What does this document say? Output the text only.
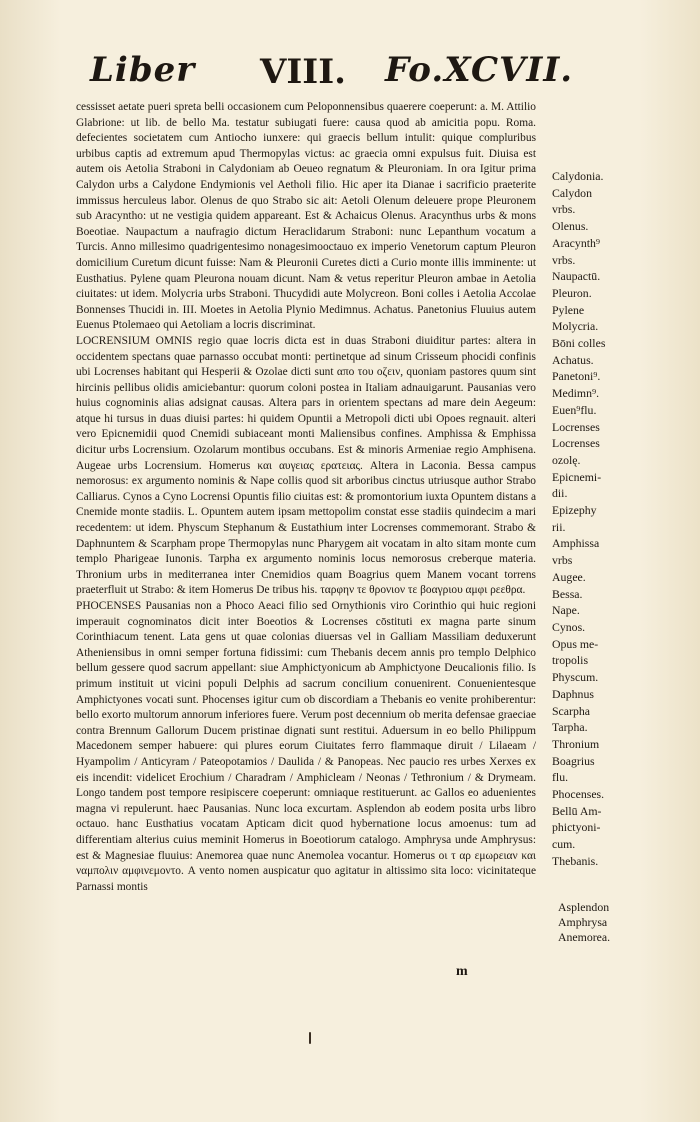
Liber VIII. Fo.XCVII.

cessisset aetate pueri spreta belli occasionem cum Peloponnensibus quaerere coeperunt: a. M. Attilio Glabrione: ut lib. de bello Ma. testatur subiugati fuere: causa quod ab amicitia popu. Roma. defecientes societatem cum Antiocho iunxere: qui graecis bellum intulit: quique compluribus urbibus captis ad extremum apud Thermopylas victus: ac graecia omni expulsus fuit. Diuisa est autem ois Aetolia Straboni in Calydoniam ab Oeueo regnatum & Pleuroniam. In ora Igitur prima Calydon urbs a Calydone Endymionis vel Aetholi filio. Hic aper ita Dianae i sacrificio praeterite immissus herculeus labor. Olenus de quo Strabo sic ait: Aetoli Olenum deleuere prope Pleuronem sub Aracyntho: ut ne vestigia quidem appareant. Est & Achaicus Olenus. Aracynthus urbs & mons Boeotiae. Naupactum a naufragio dictum Heraclidarum Straboni: nunc Lepanthum vocatum a Turcis. Anno millesimo quadrigentesimo nonagesimooctauo ex imperio Venetorum captum Pleuron domicilium Curetum dicunt fuisse: Nam & Pleuronii Curetes dicti a Curio monte illis imminente: ut Eusthatius. Pylene quam Pleurona nouam dicunt. Nam & vetus reperitur Pleuron ambae in Aetolia ciuitates: ut idem. Molycria urbs Straboni. Thucydidi aute Molycreon. Boni colles i Aetolia Accolae Bonnenses Thucidi in. III. Moetes in Aetolia Plynio Medimnus. Achatus. Panetonius Fluuius autem Euenus Ptolemaeo qui Aetoliam a locris discriminat.

LOCRENSIUM OMNIS regio quae locris dicta est in duas Straboni diuiditur partes: altera in occidentem spectans quae parnasso occubat monti: pertinetque ad sinum Crisseum phocidi confinis ubi Locrenses habitant qui Hesperii & Ozolae dicti sunt απο του οζειν, quoniam pastores quum sint hircinis pellibus olidis amiciebantur: quorum coloni postea in Italiam adnauigarunt. Pausanias vero huius cognominis alias adsignat causas. Altera pars in orientem spectans ad mare dein Aegeum: atque hi tursus in duas diuisi partes: hi quidem Opuntii a Metropoli dicti ubi Opoes regnauit. alteri vero Epicnemidii quod Cnemidi subiaceant monti Maliensibus confines. Amphissa & Emphissa dicitur urbs Locrensium. Ozolarum montibus occubans. Est & minoris Armeniae regio Amphisena. Augeae urbs Locrensium. Homerus και αυγειας ερατειας. Altera in Laconia. Bessa campus nemorosus: ex argumento nominis & Nape collis quod sit arboribus cinctus utriusque author Strabo Calliarus. Cynos a Cyno Locrensi Opuntis filio ciuitas est: & promontorium iuxta Opuntem distans a Cnemide monte stadiis. L. Opuntem autem ipsam mettopolim constat esse stadiis quindecim a mari recedentem: ut idem. Physcum Stephanum & Eustathium inter Locrenses commemorant. Strabo & Daphnuntem & Scarpham prope Thermopylas nunc Pharygem ait vocatam in alto sitam monte cum templo Pharigeae Iunonis. Tarpha ex argumento nominis locus nemorosus creberque materia. Thronium urbs in mediterranea inter Cnemidios quam Boagrius quem Manem vocant torrens praeterfluit ut Strabo: & item Homerus De tribus his. ταρφην τε θρονιον τε βοαγριου αμφι ρεεθρα.

PHOCENSES Pausanias non a Phoco Aeaci filio sed Ornythionis viro Corinthio qui huic regioni imperauit cognominatos dicit inter Boeotios & Locrenses cōstituti ex magna parte sinum Corinthiacum tenent. Lata gens ut quae colonias diuersas vel in Galliam Massiliam deduxerunt Atheniensibus in omni semper fortuna fidissimi: cum Thebanis decem annis pro templo Delphico bellum gessere quod sacrum appellant: siue Amphictyonicum ab Amphictyone Deucalionis filio. Is primum instituit ut vicini populi Delphis ad sacrum concilium conuenirent. Conuenientesque Amphictyones vocati sunt. Phocenses igitur cum ob discordiam a Thebanis eo venite prohiberentur: bello exorto multorum annorum inferiores fuere. Verum post decennium ob merita defensae graeciae contra Brennum Gallorum Ducem pristinae dignati sunt restitui. Aduersum in eo bello Philippum Macedonem semper habuere: qui plures eorum Ciuitates ferro flammaque diruit / Lilaeam / Hyampolim / Anticyram / Pateopotamios / Daulida / & Panopeas. Nec paucio res urbes Xerxes ex eis incendit: videlicet Erochium / Charadram / Amphicleam / Neonas / Tethronium / & Drymeam. Longo tandem post tempore resipiscere coeperunt: omniaque restituerunt. ac Gallos eo aduenientes magna vi repulerunt. haec Pausanias. Nunc loca excurtam. Asplendon ab eodem posita urbs libro octauo. hanc Eusthatius vocatam Apticam dicit quod hybernatione locus amoenus: tum ad differentiam alterius cuius meminit Homerus in Boeotiorum catalogo. Amphrysa unde Amphrysus: est & Magnesiae fluuius: Anemorea quae nunc Anemolea vocantur. Homerus οι τ αρ εμωρειαν και ναμπολιν αμφινεμοντο. A vento nomen auspicatur quo agitatur in altissimo sita loco: vicinitateque Parnassi montis

Calydonia.
Calydon
vrbs.
Olenus.
Aracynth⁹
vrbs.
Naupactū.
Pleuron.
Pylene
Molycria.
Bōni colles
Achatus.
Panetoni⁹.
Medimn⁹.
Euen⁹flu.
Locrenses
Locrenses
ozolę.
Epicnemi-
dii.
Epizephy
rii.
Amphissa
vrbs
Augee.
Bessa.
Nape.
Cynos.
Opus me-
tropolis
Physcum.
Daphnus
Scarpha
Tarpha.
Thronium
Boagrius
flu.
Phocenses.
Bellū Am-
phictyoni-
cum.
Thebanis.
Asplendon
Amphrysa
Anemorea.
m
